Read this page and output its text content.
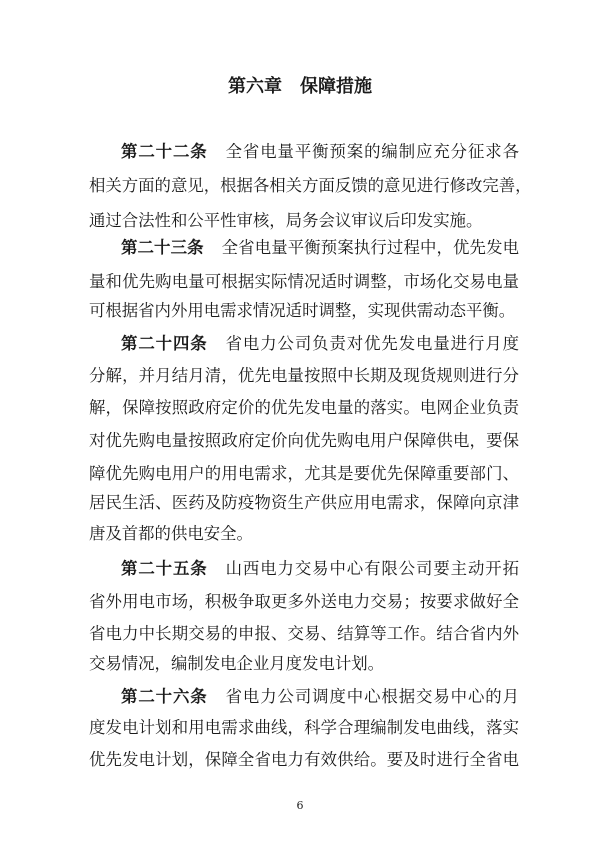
第六章　保障措施
第二十二条 全省电量平衡预案的编制应充分征求各
相关方面的意见，根据各相关方面反馈的意见进行修改完善，
通过合法性和公平性审核，局务会议审议后印发实施。
第二十三条 全省电量平衡预案执行过程中，优先发电
量和优先购电量可根据实际情况适时调整，市场化交易电量
可根据省内外用电需求情况适时调整，实现供需动态平衡。
第二十四条 省电力公司负责对优先发电量进行月度
分解，并月结月清，优先电量按照中长期及现货规则进行分
解，保障按照政府定价的优先发电量的落实。电网企业负责
对优先购电量按照政府定价向优先购电用户保障供电，要保
障优先购电用户的用电需求，尤其是要优先保障重要部门、
居民生活、医药及防疫物资生产供应用电需求，保障向京津
唐及首都的供电安全。
第二十五条 山西电力交易中心有限公司要主动开拓
省外用电市场，积极争取更多外送电力交易；按要求做好全
省电力中长期交易的申报、交易、结算等工作。结合省内外
交易情况，编制发电企业月度发电计划。
第二十六条 省电力公司调度中心根据交易中心的月
度发电计划和用电需求曲线，科学合理编制发电曲线，落实
优先发电计划，保障全省电力有效供给。要及时进行全省电
6
